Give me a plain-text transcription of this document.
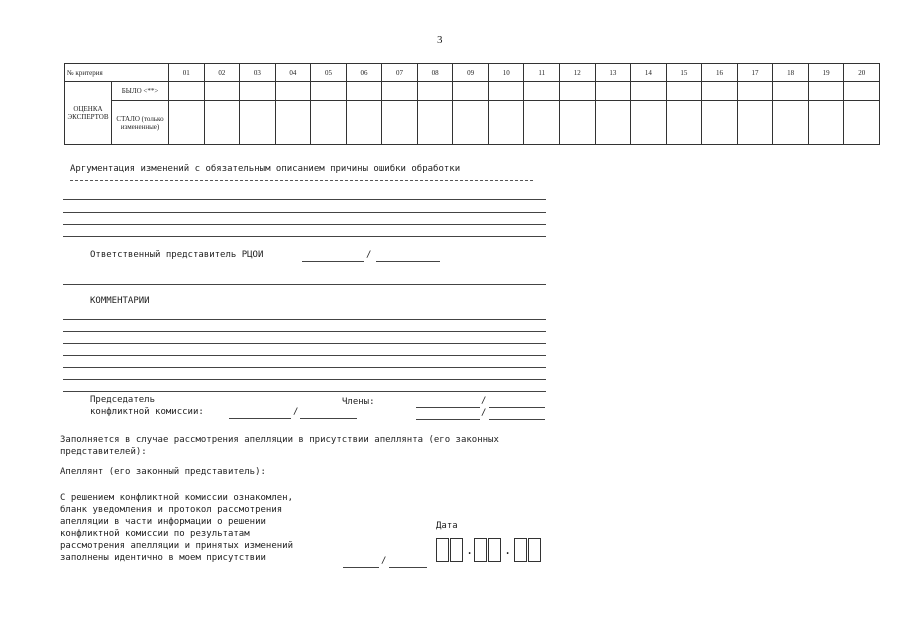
3
№ критерия		01	02	03	04	05	06	07	08	09	10	11	12	13	14	15	16	17	18	19	20
ОЦЕНКА ЭКСПЕРТОВ	БЫЛО <**>																				
	СТАЛО (только измененные)																				
Аргументация изменений с обязательным описанием причины ошибки обработки
Ответственный представитель РЦОИ	/
КОММЕНТАРИИ
Председатель
конфликтной комиссии:	/
Члены:	/
/
Заполняется в случае рассмотрения апелляции в присутствии апеллянта (его законных представителей):
Апеллянт (его законный представитель):
С решением конфликтной комиссии ознакомлен,
бланк уведомления и протокол рассмотрения
апелляции в части информации о решении
конфликтной комиссии по результатам
рассмотрения апелляции и принятых изменений
заполнены идентично в моем присутствии	/
Дата
.	.
